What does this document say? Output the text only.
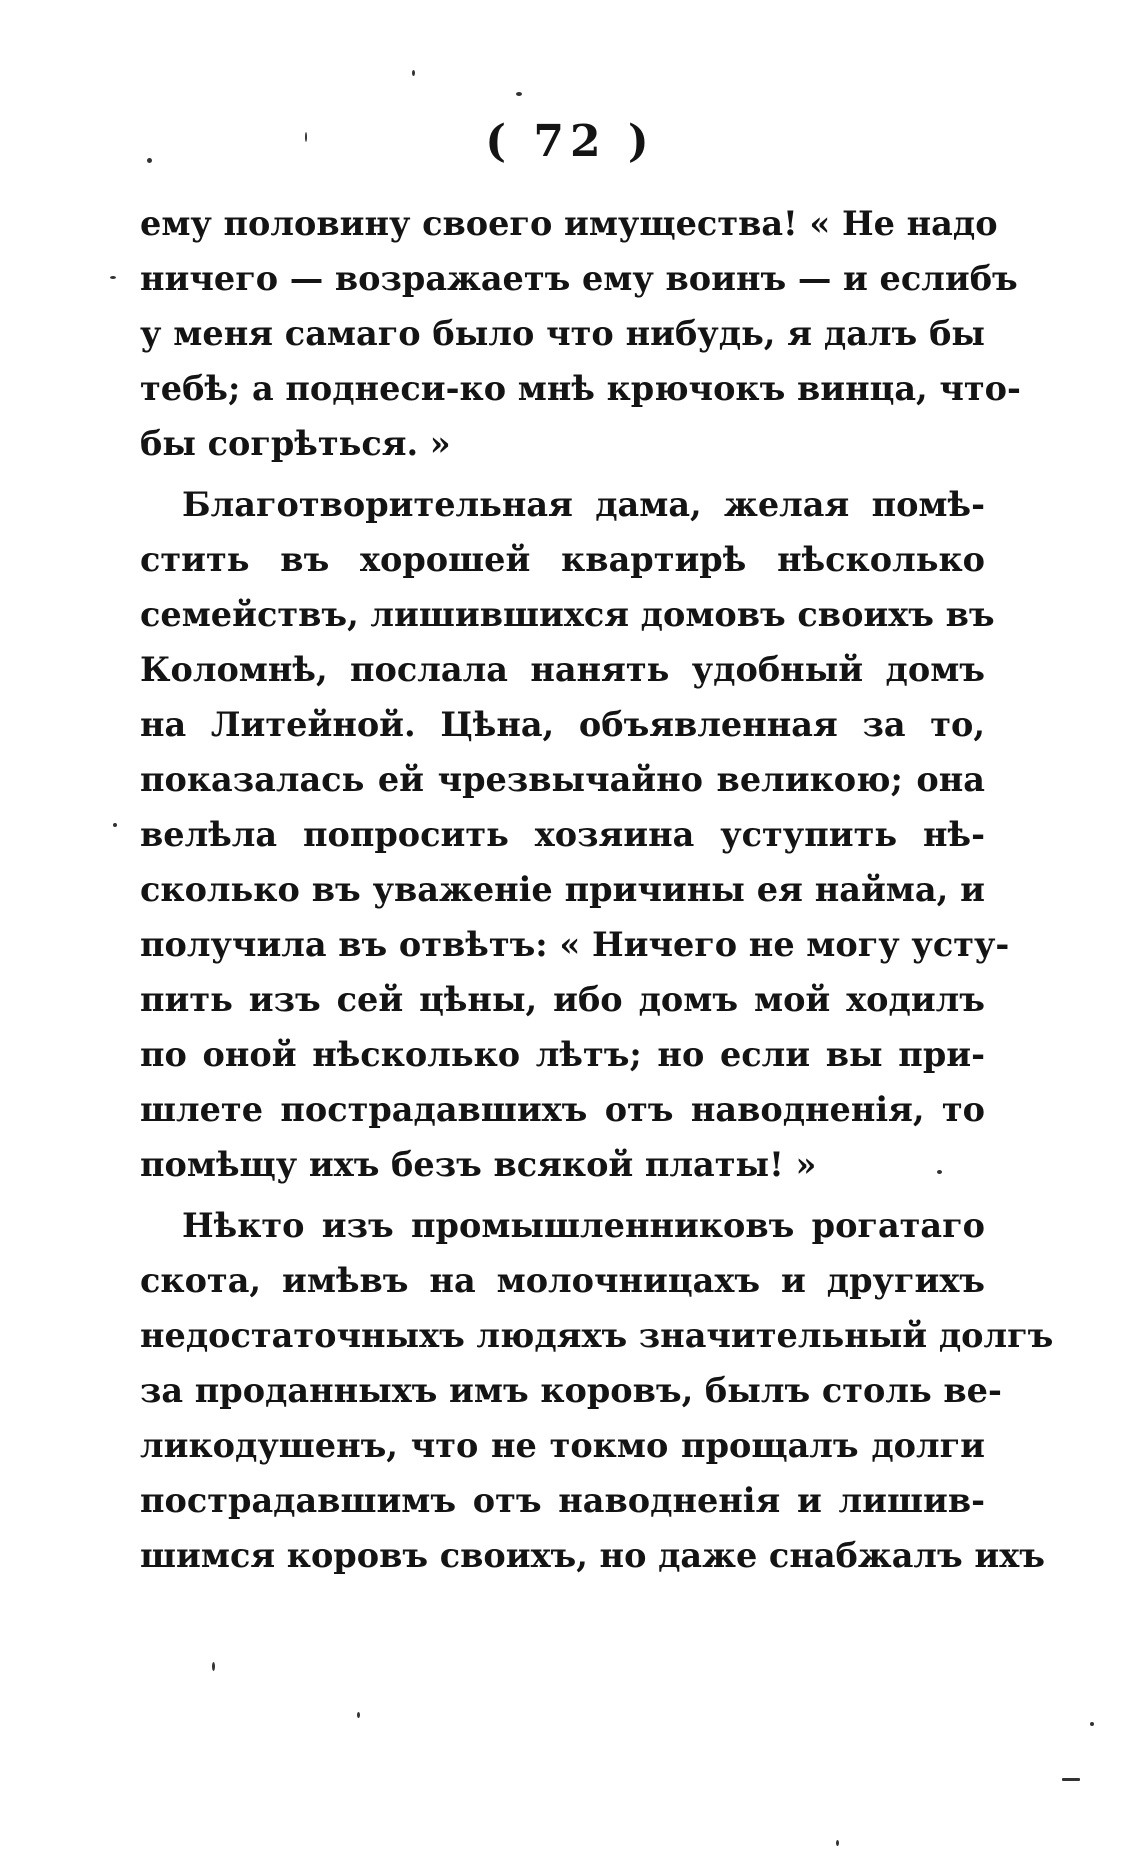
( 72 )
ему половину своего имущества! « Не надо
ничего — возражаетъ ему воинъ — и еслибъ
у меня самаго было что нибудь, я далъ бы
тебѣ; а поднеси-ко мнѣ крючокъ винца, что-
бы согрѣться. »
Благотворительная дама, желая помѣ-
стить въ хорошей квартирѣ нѣсколько
семействъ, лишившихся домовъ своихъ въ
Коломнѣ, послала нанять удобный домъ
на Литейной. Цѣна, объявленная за то,
показалась ей чрезвычайно великою; она
велѣла попросить хозяина уступить нѣ-
сколько въ уваженіе причины ея найма, и
получила въ отвѣтъ: « Ничего не могу усту-
пить изъ сей цѣны, ибо домъ мой ходилъ
по оной нѣсколько лѣтъ; но если вы при-
шлете пострадавшихъ отъ наводненія, то
помѣщу ихъ безъ всякой платы! »
Нѣкто изъ промышленниковъ рогатаго
скота, имѣвъ на молочницахъ и другихъ
недостаточныхъ людяхъ значительный долгъ
за проданныхъ имъ коровъ, былъ столь ве-
ликодушенъ, что не токмо прощалъ долги
пострадавшимъ отъ наводненія и лишив-
шимся коровъ своихъ, но даже снабжалъ ихъ
